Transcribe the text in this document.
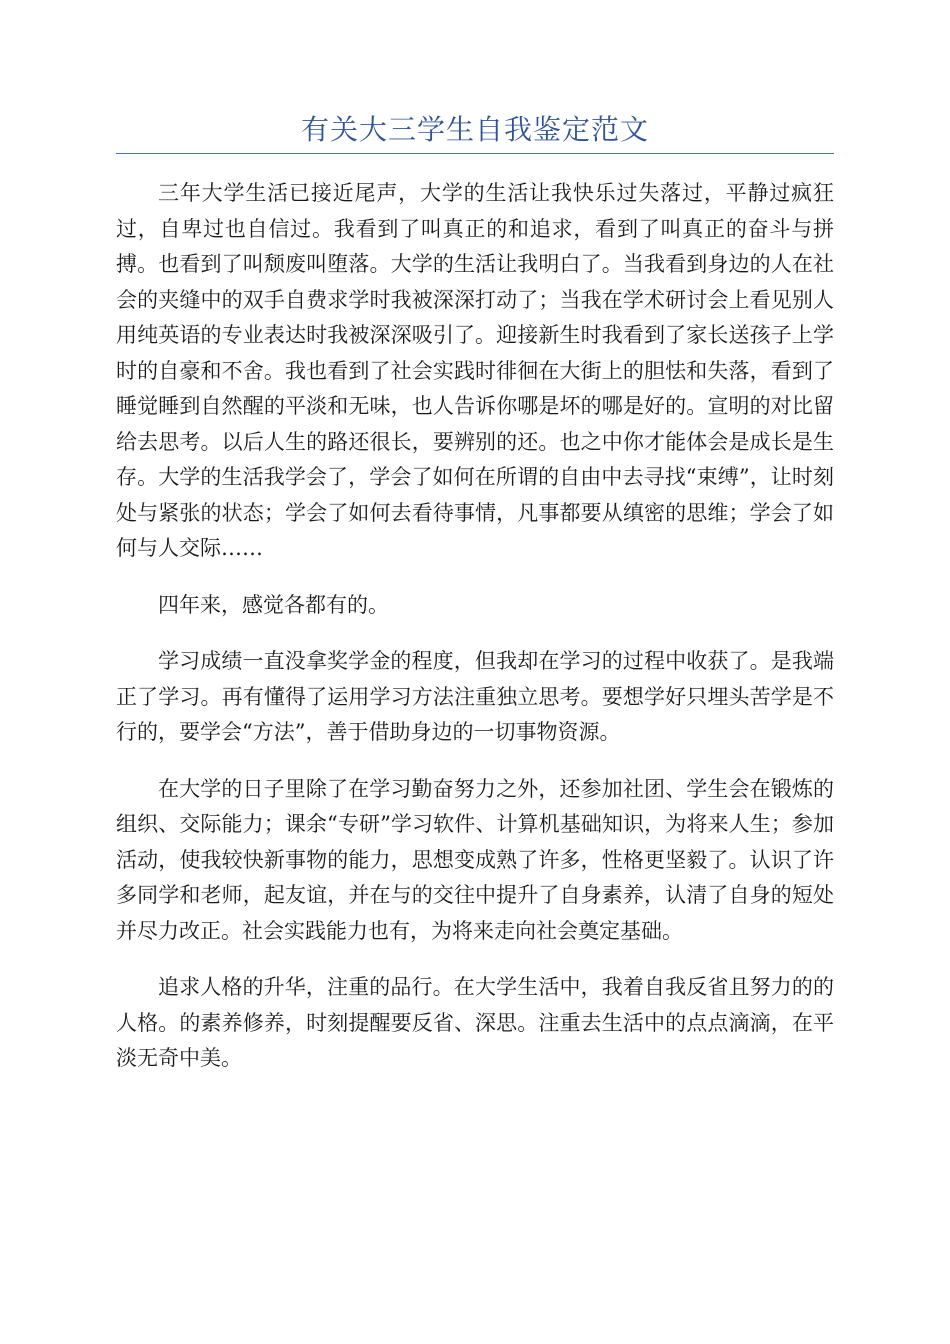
有关大三学生自我鉴定范文

三年大学生活已接近尾声，大学的生活让我快乐过失落过，平静过疯狂过，自卑过也自信过。我看到了叫真正的和追求，看到了叫真正的奋斗与拼搏。也看到了叫颓废叫堕落。大学的生活让我明白了。当我看到身边的人在社会的夹缝中的双手自费求学时我被深深打动了；当我在学术研讨会上看见别人用纯英语的专业表达时我被深深吸引了。迎接新生时我看到了家长送孩子上学时的自豪和不舍。我也看到了社会实践时徘徊在大街上的胆怯和失落，看到了睡觉睡到自然醒的平淡和无味，也人告诉你哪是坏的哪是好的。宣明的对比留给去思考。以后人生的路还很长，要辨别的还。也之中你才能体会是成长是生存。大学的生活我学会了，学会了如何在所谓的自由中去寻找“束缚”，让时刻处与紧张的状态；学会了如何去看待事情，凡事都要从缜密的思维；学会了如何与人交际……

四年来，感觉各都有的。

学习成绩一直没拿奖学金的程度，但我却在学习的过程中收获了。是我端正了学习。再有懂得了运用学习方法注重独立思考。要想学好只埋头苦学是不行的，要学会“方法”，善于借助身边的一切事物资源。

在大学的日子里除了在学习勤奋努力之外，还参加社团、学生会在锻炼的组织、交际能力；课余“专研”学习软件、计算机基础知识，为将来人生；参加活动，使我较快新事物的能力，思想变成熟了许多，性格更坚毅了。认识了许多同学和老师，起友谊，并在与的交往中提升了自身素养，认清了自身的短处并尽力改正。社会实践能力也有，为将来走向社会奠定基础。

追求人格的升华，注重的品行。在大学生活中，我着自我反省且努力的的人格。的素养修养，时刻提醒要反省、深思。注重去生活中的点点滴滴，在平淡无奇中美。
